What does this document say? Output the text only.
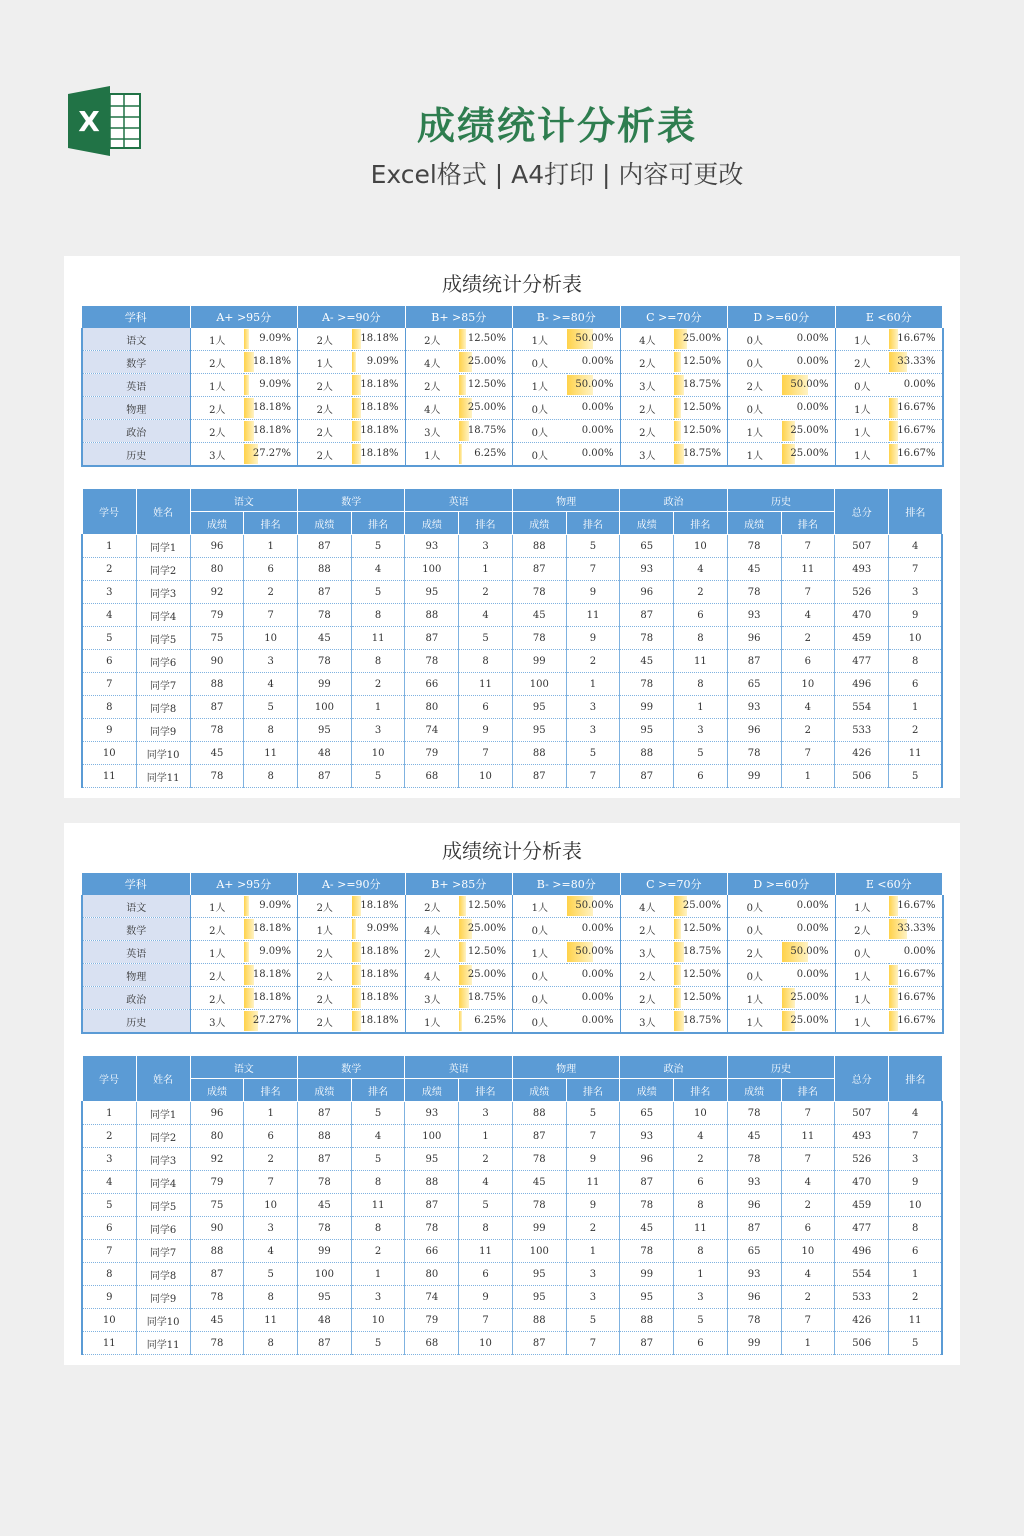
X	成绩统计分析表
Excel格式 | A4打印 | 内容可更改
成绩统计分析表
学科	A+ >95分		A- >=90分		B+ >85分		B- >=80分		C >=70分		D >=60分		E <60分	
语文	1人	9.09%	2人	18.18%	2人	12.50%	1人	50.00%	4人	25.00%	0人	0.00%	1人	16.67%

数学	2人	18.18%	1人	9.09%	4人	25.00%	0人	0.00%	2人	12.50%	0人	0.00%	2人	33.33%

英语	1人	9.09%	2人	18.18%	2人	12.50%	1人	50.00%	3人	18.75%	2人	50.00%	0人	0.00%

物理	2人	18.18%	2人	18.18%	4人	25.00%	0人	0.00%	2人	12.50%	0人	0.00%	1人	16.67%

政治	2人	18.18%	2人	18.18%	3人	18.75%	0人	0.00%	2人	12.50%	1人	25.00%	1人	16.67%

历史	3人	27.27%	2人	18.18%	1人	6.25%	0人	0.00%	3人	18.75%	1人	25.00%	1人	16.67%
学号	姓名	语文		数学		英语		物理		政治		历史		总分	排名
		成绩	排名	成绩	排名	成绩	排名	成绩	排名	成绩	排名	成绩	排名		
1	同学1	96	1	87	5	93	3	88	5	65	10	78	7	507	4
2	同学2	80	6	88	4	100	1	87	7	93	4	45	11	493	7
3	同学3	92	2	87	5	95	2	78	9	96	2	78	7	526	3
4	同学4	79	7	78	8	88	4	45	11	87	6	93	4	470	9
5	同学5	75	10	45	11	87	5	78	9	78	8	96	2	459	10
6	同学6	90	3	78	8	78	8	99	2	45	11	87	6	477	8
7	同学7	88	4	99	2	66	11	100	1	78	8	65	10	496	6
8	同学8	87	5	100	1	80	6	95	3	99	1	93	4	554	1
9	同学9	78	8	95	3	74	9	95	3	95	3	96	2	533	2
10	同学10	45	11	48	10	79	7	88	5	88	5	78	7	426	11
11	同学11	78	8	87	5	68	10	87	7	87	6	99	1	506	5
成绩统计分析表
学科	A+ >95分		A- >=90分		B+ >85分		B- >=80分		C >=70分		D >=60分		E <60分	
语文	1人	9.09%	2人	18.18%	2人	12.50%	1人	50.00%	4人	25.00%	0人	0.00%	1人	16.67%

数学	2人	18.18%	1人	9.09%	4人	25.00%	0人	0.00%	2人	12.50%	0人	0.00%	2人	33.33%

英语	1人	9.09%	2人	18.18%	2人	12.50%	1人	50.00%	3人	18.75%	2人	50.00%	0人	0.00%

物理	2人	18.18%	2人	18.18%	4人	25.00%	0人	0.00%	2人	12.50%	0人	0.00%	1人	16.67%

政治	2人	18.18%	2人	18.18%	3人	18.75%	0人	0.00%	2人	12.50%	1人	25.00%	1人	16.67%

历史	3人	27.27%	2人	18.18%	1人	6.25%	0人	0.00%	3人	18.75%	1人	25.00%	1人	16.67%
学号	姓名	语文		数学		英语		物理		政治		历史		总分	排名
		成绩	排名	成绩	排名	成绩	排名	成绩	排名	成绩	排名	成绩	排名		
1	同学1	96	1	87	5	93	3	88	5	65	10	78	7	507	4
2	同学2	80	6	88	4	100	1	87	7	93	4	45	11	493	7
3	同学3	92	2	87	5	95	2	78	9	96	2	78	7	526	3
4	同学4	79	7	78	8	88	4	45	11	87	6	93	4	470	9
5	同学5	75	10	45	11	87	5	78	9	78	8	96	2	459	10
6	同学6	90	3	78	8	78	8	99	2	45	11	87	6	477	8
7	同学7	88	4	99	2	66	11	100	1	78	8	65	10	496	6
8	同学8	87	5	100	1	80	6	95	3	99	1	93	4	554	1
9	同学9	78	8	95	3	74	9	95	3	95	3	96	2	533	2
10	同学10	45	11	48	10	79	7	88	5	88	5	78	7	426	11
11	同学11	78	8	87	5	68	10	87	7	87	6	99	1	506	5
